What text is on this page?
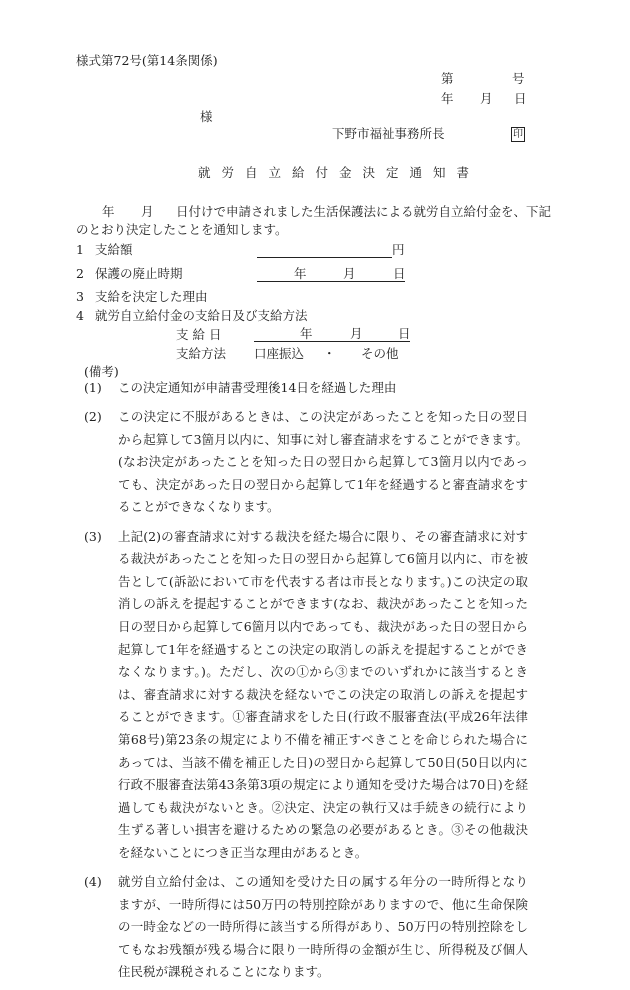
様式第72号(第14条関係)
第	号
年 月 日
様
下野市福祉事務所長	印
就労自立給付金決定通知書
年 月 日付けで申請されました生活保護法による就労自立給付金を、下記
のとおり決定したことを通知します。
1 支給額	円
2 保護の廃止時期	年	月	日
3 支給を決定した理由
4 就労自立給付金の支給日及び支給方法
支 給 日	年	月	日
支給方法 口座振込 ・ その他
(備考)
(1) この決定通知が申請書受理後14日を経過した理由
(2) この決定に不服があるときは、この決定があったことを知った日の翌日から起算して3箇月以内に、知事に対し審査請求をすることができます。(なお決定があったことを知った日の翌日から起算して3箇月以内であっても、決定があった日の翌日から起算して1年を経過すると審査請求をすることができなくなります。
(3) 上記(2)の審査請求に対する裁決を経た場合に限り、その審査請求に対する裁決があったことを知った日の翌日から起算して6箇月以内に、市を被告として(訴訟において市を代表する者は市長となります。)この決定の取消しの訴えを提起することができます(なお、裁決があったことを知った日の翌日から起算して6箇月以内であっても、裁決があった日の翌日から起算して1年を経過するとこの決定の取消しの訴えを提起することができなくなります。)。ただし、次の①から③までのいずれかに該当するときは、審査請求に対する裁決を経ないでこの決定の取消しの訴えを提起することができます。①審査請求をした日(行政不服審査法(平成26年法律第68号)第23条の規定により不備を補正すべきことを命じられた場合にあっては、当該不備を補正した日)の翌日から起算して50日(50日以内に行政不服審査法第43条第3項の規定により通知を受けた場合は70日)を経過しても裁決がないとき。②決定、決定の執行又は手続きの続行により生ずる著しい損害を避けるための緊急の必要があるとき。③その他裁決を経ないことにつき正当な理由があるとき。
(4) 就労自立給付金は、この通知を受けた日の属する年分の一時所得となりますが、一時所得には50万円の特別控除がありますので、他に生命保険の一時金などの一時所得に該当する所得があり、50万円の特別控除をしてもなお残額が残る場合に限り一時所得の金額が生じ、所得税及び個人住民税が課税されることになります。
